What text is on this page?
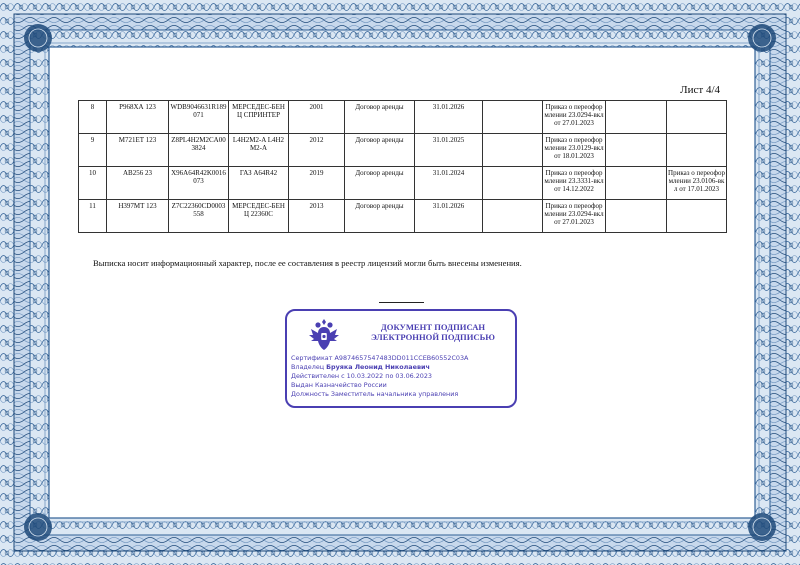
Лист 4/4
8	Р968ХА 123	WDB9046631R189071	МЕРСЕДЕС-БЕНЦ СПРИНТЕР	2001	Договор аренды	31.01.2026		Приказ о переоформлении 23.0294-вкл от 27.01.2023		
9	М721ЕТ 123	Z8PL4H2M2CA003824	L4H2M2-A L4H2M2-A	2012	Договор аренды	31.01.2025		Приказ о переоформлении 23.0129-вкл от 18.01.2023		
10	АВ256 23	X96A64R42K0016073	ГАЗ A64R42	2019	Договор аренды	31.01.2024		Приказ о переоформлении 23.3331-вкл от 14.12.2022		Приказ о переоформлении 23.0106-вкл от 17.01.2023
11	Н397МТ 123	Z7C22360CD0003558	МЕРСЕДЕС-БЕНЦ 22360С	2013	Договор аренды	31.01.2026		Приказ о переоформлении 23.0294-вкл от 27.01.2023		
Выписка носит информационный характер, после ее составления в реестр лицензий могли быть внесены изменения.
ДОКУМЕНТ ПОДПИСАН
ЭЛЕКТРОННОЙ ПОДПИСЬЮ
Сертификат A9874657547483DD011CCEB60552C03A
Владелец Бруяка Леонид Николаевич
Действителен с 10.03.2022 по 03.06.2023
Выдан Казначейство России
Должность Заместитель начальника управления
